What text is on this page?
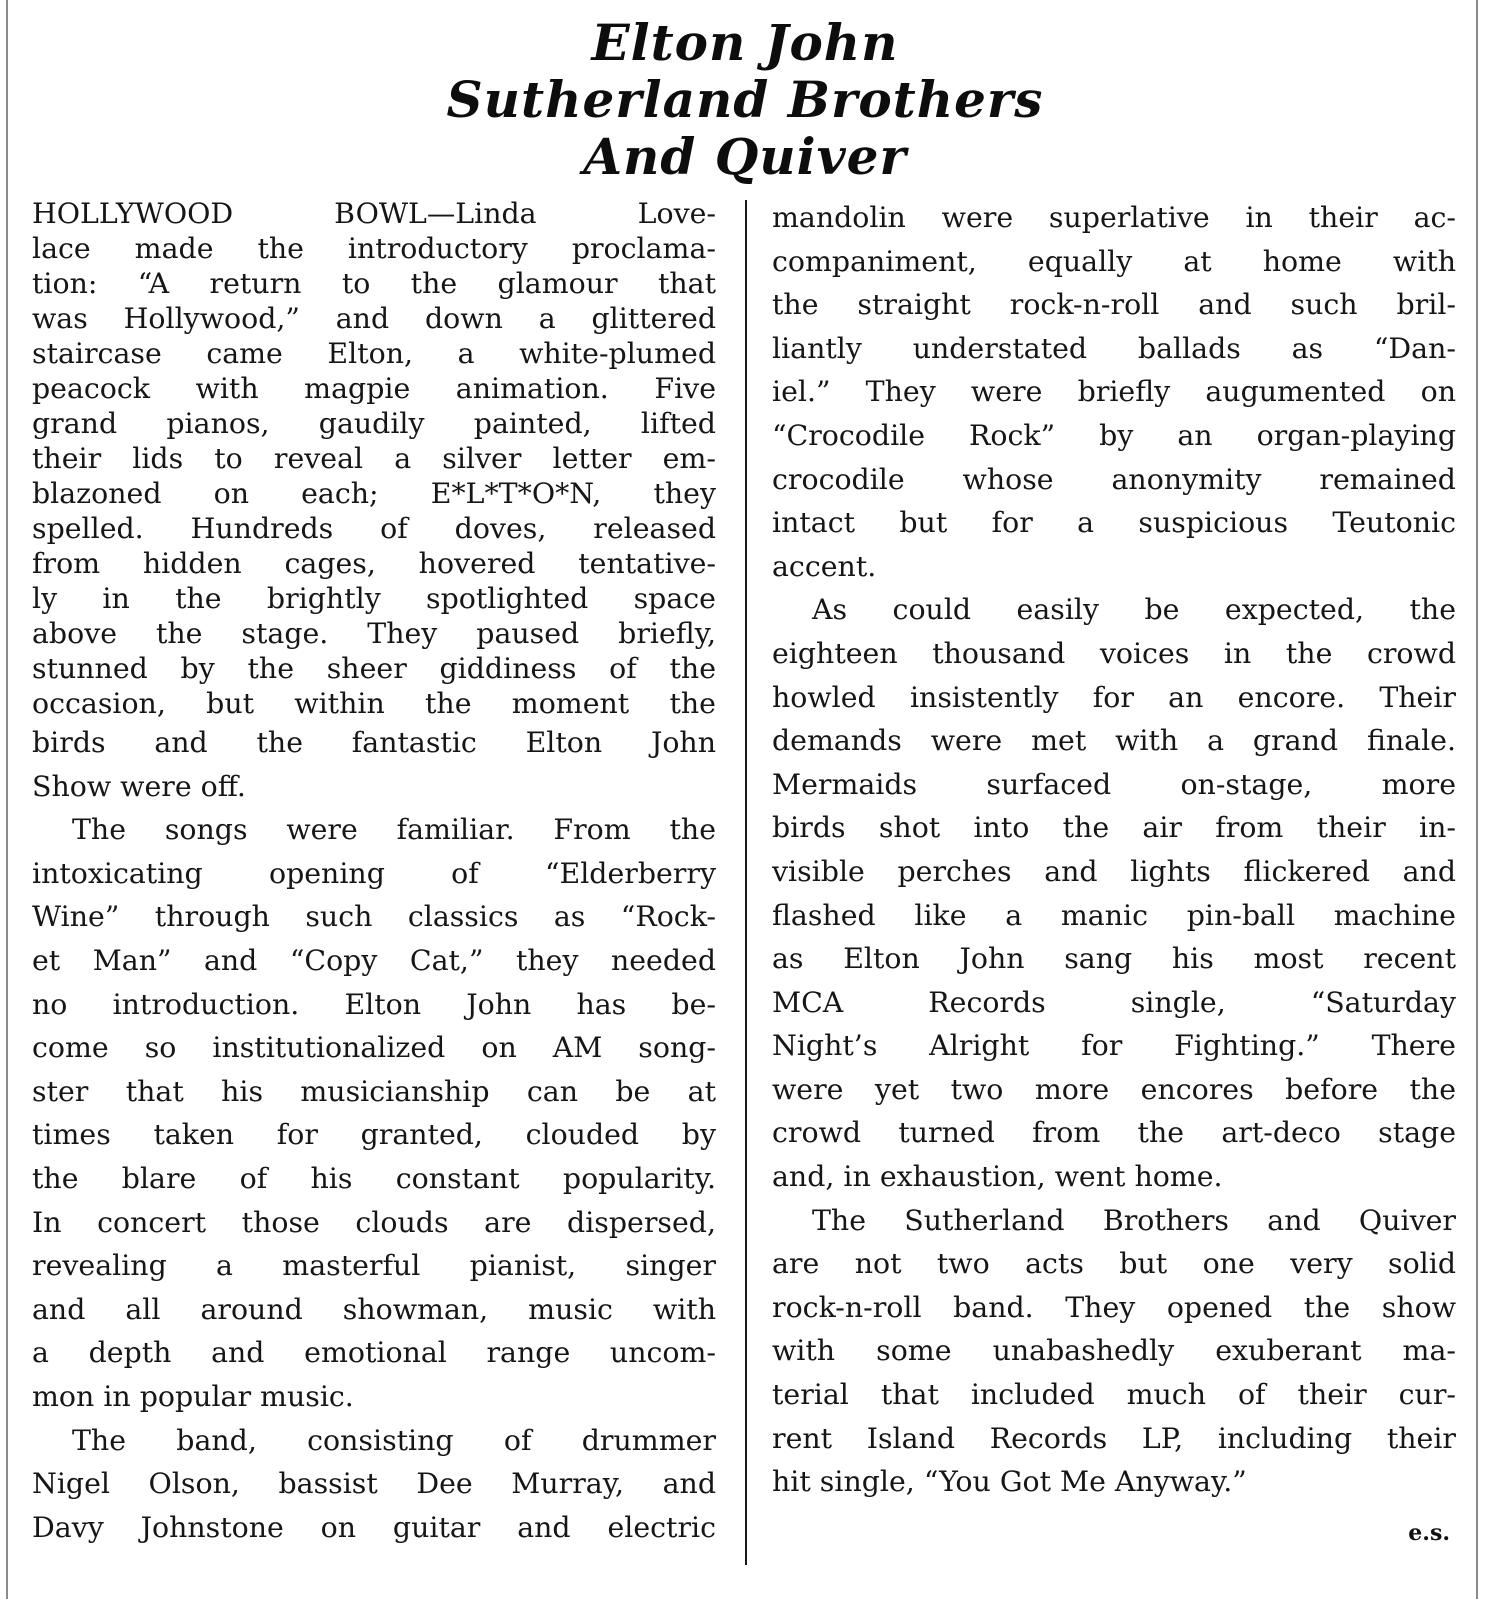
Elton John
Sutherland Brothers
And Quiver
HOLLYWOOD BOWL—Linda Love-
lace made the introductory proclama-
tion: “A return to the glamour that
was Hollywood,” and down a glittered
staircase came Elton, a white-plumed
peacock with magpie animation. Five
grand pianos, gaudily painted, lifted
their lids to reveal a silver letter em-
blazoned on each; E*L*T*O*N, they
spelled. Hundreds of doves, released
from hidden cages, hovered tentative-
ly in the brightly spotlighted space
above the stage. They paused briefly,
stunned by the sheer giddiness of the
occasion, but within the moment the
birds and the fantastic Elton John
Show were off.
The songs were familiar. From the
intoxicating opening of “Elderberry
Wine” through such classics as “Rock-
et Man” and “Copy Cat,” they needed
no introduction. Elton John has be-
come so institutionalized on AM song-
ster that his musicianship can be at
times taken for granted, clouded by
the blare of his constant popularity.
In concert those clouds are dispersed,
revealing a masterful pianist, singer
and all around showman, music with
a depth and emotional range uncom-
mon in popular music.
The band, consisting of drummer
Nigel Olson, bassist Dee Murray, and
Davy Johnstone on guitar and electric
mandolin were superlative in their ac-
companiment, equally at home with
the straight rock-n-roll and such bril-
liantly understated ballads as “Dan-
iel.” They were briefly augumented on
“Crocodile Rock” by an organ-playing
crocodile whose anonymity remained
intact but for a suspicious Teutonic
accent.
As could easily be expected, the
eighteen thousand voices in the crowd
howled insistently for an encore. Their
demands were met with a grand finale.
Mermaids surfaced on-stage, more
birds shot into the air from their in-
visible perches and lights flickered and
flashed like a manic pin-ball machine
as Elton John sang his most recent
MCA Records single, “Saturday
Night’s Alright for Fighting.” There
were yet two more encores before the
crowd turned from the art-deco stage
and, in exhaustion, went home.
The Sutherland Brothers and Quiver
are not two acts but one very solid
rock-n-roll band. They opened the show
with some unabashedly exuberant ma-
terial that included much of their cur-
rent Island Records LP, including their
hit single, “You Got Me Anyway.”
e.s.
